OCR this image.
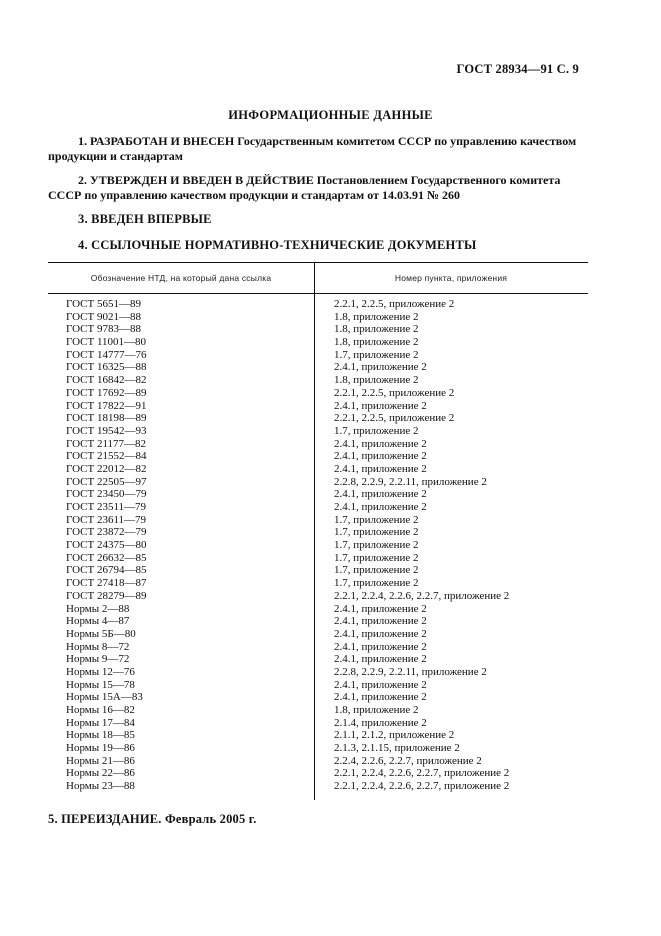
ГОСТ 28934—91 С. 9
ИНФОРМАЦИОННЫЕ ДАННЫЕ
1. РАЗРАБОТАН И ВНЕСЕН Государственным комитетом СССР по управлению качеством продукции и стандартам
2. УТВЕРЖДЕН И ВВЕДЕН В ДЕЙСТВИЕ Постановлением Государственного комитета СССР по управлению качеством продукции и стандартам от 14.03.91 № 260
3. ВВЕДЕН ВПЕРВЫЕ
4. ССЫЛОЧНЫЕ НОРМАТИВНО-ТЕХНИЧЕСКИЕ ДОКУМЕНТЫ
Обозначение НТД, на который дана ссылка	Номер пункта, приложения
ГОСТ 5651—89	2.2.1, 2.2.5, приложение 2
ГОСТ 9021—88	1.8, приложение 2
ГОСТ 9783—88	1.8, приложение 2
ГОСТ 11001—80	1.8, приложение 2
ГОСТ 14777—76	1.7, приложение 2
ГОСТ 16325—88	2.4.1, приложение 2
ГОСТ 16842—82	1.8, приложение 2
ГОСТ 17692—89	2.2.1, 2.2.5, приложение 2
ГОСТ 17822—91	2.4.1, приложение 2
ГОСТ 18198—89	2.2.1, 2.2.5, приложение 2
ГОСТ 19542—93	1.7, приложение 2
ГОСТ 21177—82	2.4.1, приложение 2
ГОСТ 21552—84	2.4.1, приложение 2
ГОСТ 22012—82	2.4.1, приложение 2
ГОСТ 22505—97	2.2.8, 2.2.9, 2.2.11, приложение 2
ГОСТ 23450—79	2.4.1, приложение 2
ГОСТ 23511—79	2.4.1, приложение 2
ГОСТ 23611—79	1.7, приложение 2
ГОСТ 23872—79	1.7, приложение 2
ГОСТ 24375—80	1.7, приложение 2
ГОСТ 26632—85	1.7, приложение 2
ГОСТ 26794—85	1.7, приложение 2
ГОСТ 27418—87	1.7, приложение 2
ГОСТ 28279—89	2.2.1, 2.2.4, 2.2.6, 2.2.7, приложение 2
Нормы 2—88	2.4.1, приложение 2
Нормы 4—87	2.4.1, приложение 2
Нормы 5Б—80	2.4.1, приложение 2
Нормы 8—72	2.4.1, приложение 2
Нормы 9—72	2.4.1, приложение 2
Нормы 12—76	2.2.8, 2.2.9, 2.2.11, приложение 2
Нормы 15—78	2.4.1, приложение 2
Нормы 15А—83	2.4.1, приложение 2
Нормы 16—82	1.8, приложение 2
Нормы 17—84	2.1.4, приложение 2
Нормы 18—85	2.1.1, 2.1.2, приложение 2
Нормы 19—86	2.1.3, 2.1.15, приложение 2
Нормы 21—86	2.2.4, 2.2.6, 2.2.7, приложение 2
Нормы 22—86	2.2.1, 2.2.4, 2.2.6, 2.2.7, приложение 2
Нормы 23—88	2.2.1, 2.2.4, 2.2.6, 2.2.7, приложение 2
5. ПЕРЕИЗДАНИЕ. Февраль 2005 г.
